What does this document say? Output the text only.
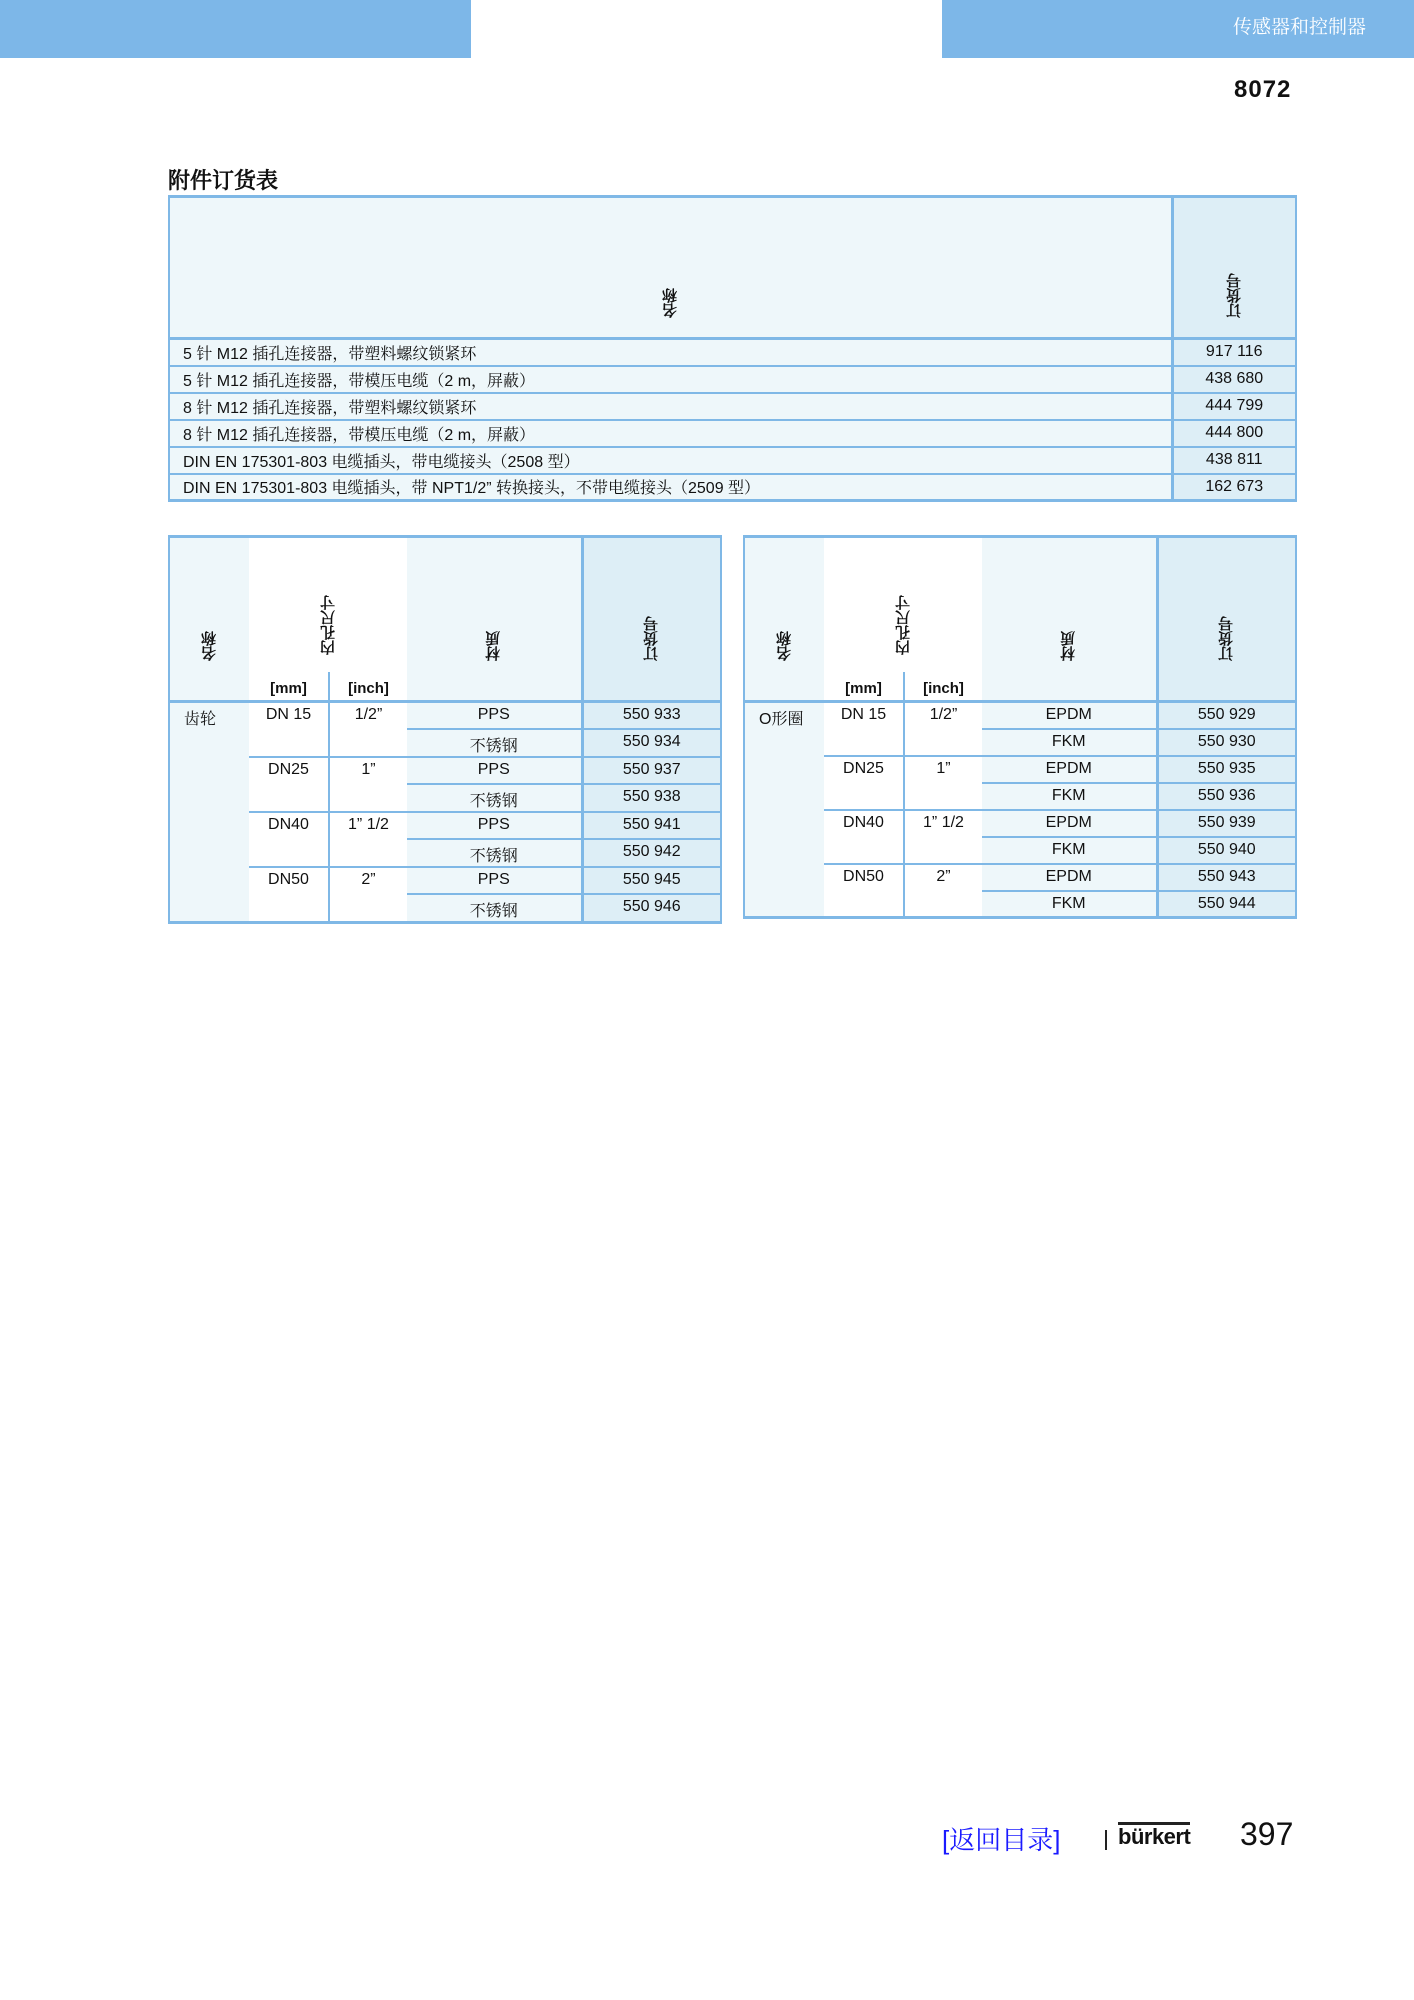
传感器和控制器
8072
附件订货表
名称	订货号
5 针 M12 插孔连接器，带塑料螺纹锁紧环	917 116
5 针 M12 插孔连接器，带模压电缆（2 m，屏蔽）	438 680
8 针 M12 插孔连接器，带塑料螺纹锁紧环	444 799
8 针 M12 插孔连接器，带模压电缆（2 m，屏蔽）	444 800
DIN EN 175301-803 电缆插头，带电缆接头（2508 型）	438 811
DIN EN 175301-803 电缆插头，带 NPT1/2” 转换接头，不带电缆接头（2509 型）	162 673
名称	内孔尺寸		材质	订货号
	[mm]	[inch]		
齿轮	DN 15	1/2”	PPS	550 933
			不锈钢	550 934
	DN25	1”	PPS	550 937
			不锈钢	550 938
	DN40	1” 1/2	PPS	550 941
			不锈钢	550 942
	DN50	2”	PPS	550 945
			不锈钢	550 946
名称	内孔尺寸		材质	订货号
	[mm]	[inch]		
O形圈	DN 15	1/2”	EPDM	550 929
			FKM	550 930
	DN25	1”	EPDM	550 935
			FKM	550 936
	DN40	1” 1/2	EPDM	550 939
			FKM	550 940
	DN50	2”	EPDM	550 943
			FKM	550 944
[返回目录]	bürkert 397
